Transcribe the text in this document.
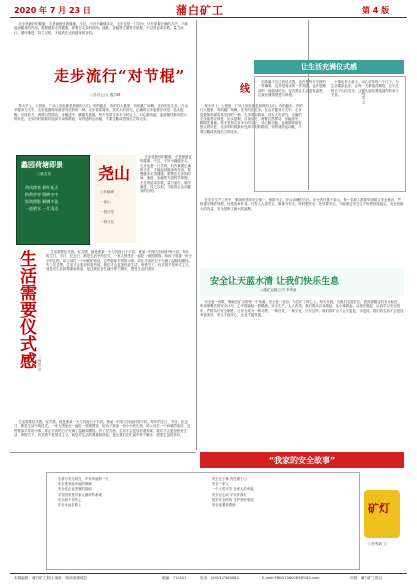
2020 年 7 月 23 日	蒲白矿工	第 4 版
走步是最好的健康，走是最便宜的健康。不过，不好小觑健步走，走步也是一门学问，只有掌握正确的方法，才能起到健身的作用。要想健步走得健康，需要在走步的时间、速度、步幅等方面科学掌握，不过度追求步数，量力而行，循序渐进，持之以恒，才能真正达到健身的目的。
走步流行“对节棍”
○苏彦云/文 殷学峰	线
每天早上，公园里、广场上到处都是晨练的人们。有的跑步，有的打太极拳，有的跳广场舞，还有的在走步。在众多健身方式中，走步是最简单最容易坚持的一种。走步看似简单，其实大有讲究。正确的走步姿势应该是：抬头挺胸，目视前方，两臂自然摆动，步幅适中，脚跟先着地。每天坚持走步半小时以上，对心肺功能、血液循环都有很大的好处。走步的时候最好选择平坦的路面，穿舒适的运动鞋，不要空腹或者饭后立即走步。
每天早上，公园里、广场上到处都是晨练的人们。有的跑步，有的打太极拳，有的跳广场舞，还有的在走步。在众多健身方式中，走步是最简单最容易坚持的一种。走步看似简单，其实大有讲究。正确的走步姿势应该是：抬头挺胸，目视前方，两臂自然摆动，步幅适中，脚跟先着地。每天坚持走步半小时以上，对心肺功能、血液循环都有很大的好处。走步的时候最好选择平坦的路面，穿舒适的运动鞋，不要空腹或者饭后立即走步。
蠡园荷塘即景
○姚杏英
荷风徐来 碧叶连天
粉荷亭亭 倒映水中
惊鸿照影 婀娜多姿
一池碧水 一片清凉
尧山
○李晓峰
一座山
一段历史
一种文化
走步是最好的健康，走是最便宜的健康。不过，不好小觑健步走，走步也是一门学问，只有掌握正确的方法，才能起到健身的作用。要想健步走得健康，需要在走步的时间、速度、步幅等方面科学掌握，不过度追求步数，量力而行，循序渐进，持之以恒，才能真正达到健身的目的。
生活需要仪式感 ○杨雪 文
生活需要仪式感。仪式感，就是使某一天与其他日子不同，使某一时刻与其他时刻不同。每年的生日、节日、纪念日，都是生活中的仪式。一家人围坐在一起吃一顿团圆饭，给孩子准备一份小小的礼物，给父母打一个问候的电话，这些看似平常的小事，却让平淡的日子充满了温暖和期待。有了仪式感，生活才会更加有滋有味，我们才会更加热爱生活、珍惜当下。仪式感不是形式主义，而是对生活的尊重和热爱，是让我们在忙碌中停下脚步，感受生活的美好。
生活需要仪式感。仪式感，就是使某一天与其他日子不同，使某一时刻与其他时刻不同。每年的生日、节日、纪念日，都是生活中的仪式。一家人围坐在一起吃一顿团圆饭，给孩子准备一份小小的礼物，给父母打一个问候的电话，这些看似平常的小事，却让平淡的日子充满了温暖和期待。有了仪式感，生活才会更加有滋有味，我们才会更加热爱生活、珍惜当下。仪式感不是形式主义，而是对生活的尊重和热爱，是让我们在忙碌中停下脚步，感受生活的美好。
让生活充满仪式感
创造属于自己的仪式感，也许是每天早晨的一杯咖啡，也许是周末的一次郊游，也许是睡前的一段阅读时光。仪式感让生活更有温度，让我们懂得感恩与珍惜。
小事也有大意义。用心对待每一个日子，为生活增添色彩，让每一天都值得期待，让平凡的日子闪闪发光，让家人朋友感受到你的爱与关怀。	○杨雪 文
在安全生产工作中，要始终坚持安全第一、预防为主、综合治理的方针。安全责任重于泰山，每一名职工都要牢固树立安全意识，严格遵守操作规程，杜绝违章作业。只有人人讲安全，事事为安全，时时想安全，处处要安全，才能保证安全生产形势持续稳定。安全是最大的效益，安全是职工最大的福利。
安全让天蓝水清 让我们快乐生息
○蒲矿运煤公司 李秀新
安全是一首歌，唱响在矿山的每一个角落；安全是一首诗，写在矿工的心上。每天早晨，当我们走进矿区，看到那醒目的安全标语，听到那嘹亮的安全口号，心中便涌起一股暖流。安全生产，人人有责。我们要从自身做起，从小事做起，从现在做起，认真学习安全知识，严格执行安全制度，让安全成为一种习惯，一种自觉，一种文化。只有这样，我们的矿山才会天更蓝、水更清，我们的生活才会更加幸福美好，家人才能安心，企业才能发展。
“我家的安全故事”
　　生命与安全同在，平安幸福每一天
　　安全是家庭幸福的保障
　　安全是企业发展的基础
　　平安回家是对家人最好的承诺
　　安全源于责任心
　　安全永远在路上
　　安全无小事 责任重于山
　　安全一家人
　　一个人的平安 全家人的幸福
　　安全记心间 平安伴我行
　　筑牢安全防线 守护美好家园
　　安全连着你我他	矿灯
○李秀新 文
本版编辑：蒲白矿工报社 地址：陕西省蒲城县	邮编：715501	电话：(0913)7360083	E-mail:PBKG7360083@163.com	印刷：蒲白矿工报社
